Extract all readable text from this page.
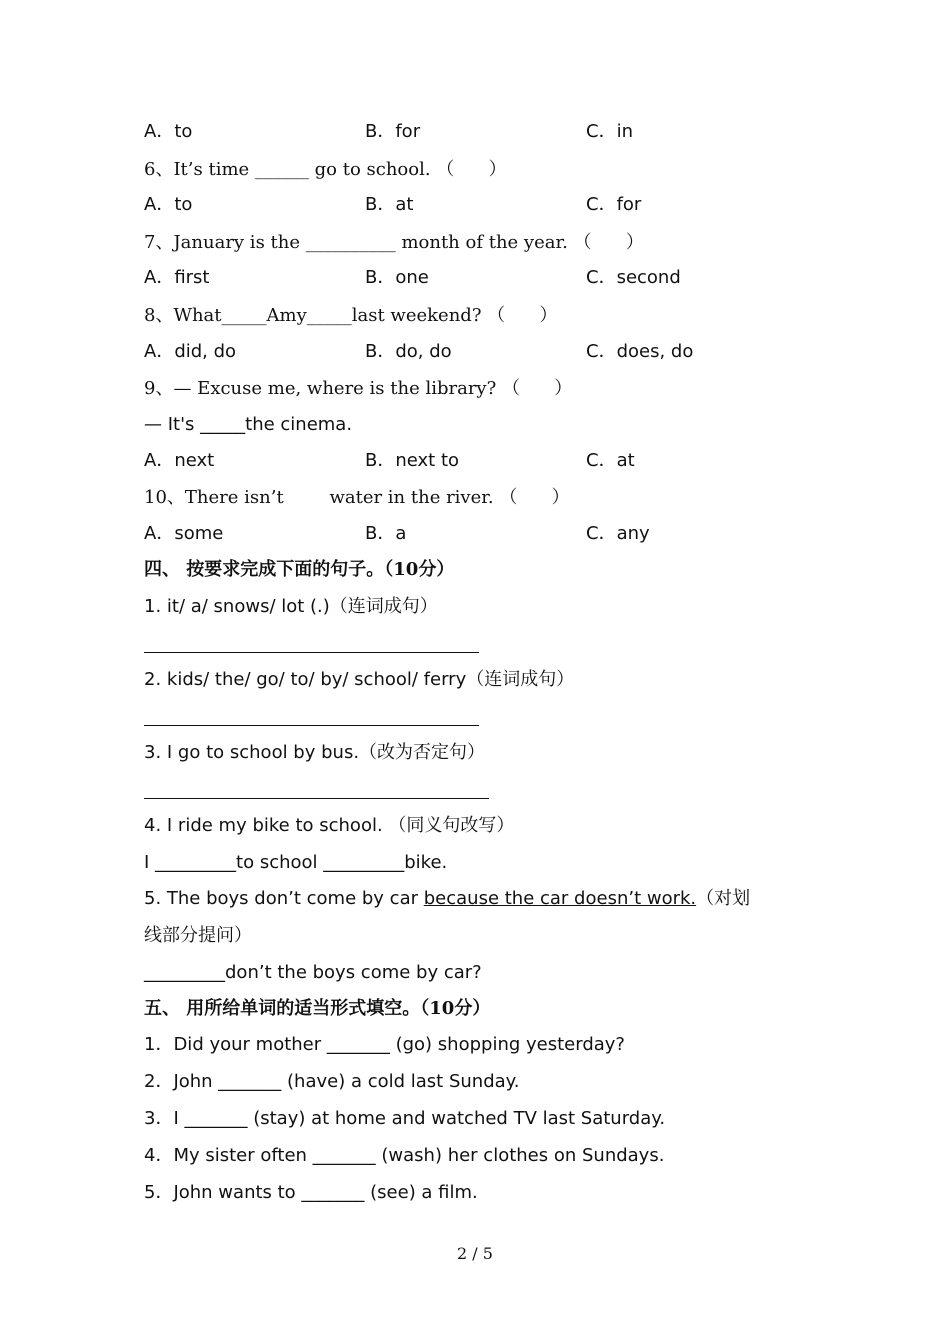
A．to	B．for	C．in
6、It’s time ______ go to school. （      ）
A．to	B．at	C．for
7、January is the __________ month of the year. （      ）
A．first	B．one	C．second
8、What_____Amy_____last weekend? （      ）
A．did, do	B．do, do	C．does, do
9、— Excuse me, where is the library? （      ）
— It's _____the cinema.
A．next	B．next to	C．at
10、There isn’t        water in the river. （      ）
A．some	B．a	C．any
四、 按要求完成下面的句子。（10分）
1. it/ a/ snows/ lot (.)（连词成句）
2. kids/ the/ go/ to/ by/ school/ ferry（连词成句）
3. I go to school by bus.（改为否定句）
4. I ride my bike to school. （同义句改写）
I _________to school _________bike.
5. The boys don’t come by car because the car doesn’t work.（对划
线部分提问）
_________don’t the boys come by car?
五、 用所给单词的适当形式填空。（10分）
1．Did your mother _______ (go) shopping yesterday?
2．John _______ (have) a cold last Sunday.
3．I _______ (stay) at home and watched TV last Saturday.
4．My sister often _______ (wash) her clothes on Sundays.
5．John wants to _______ (see) a film.
2 / 5
